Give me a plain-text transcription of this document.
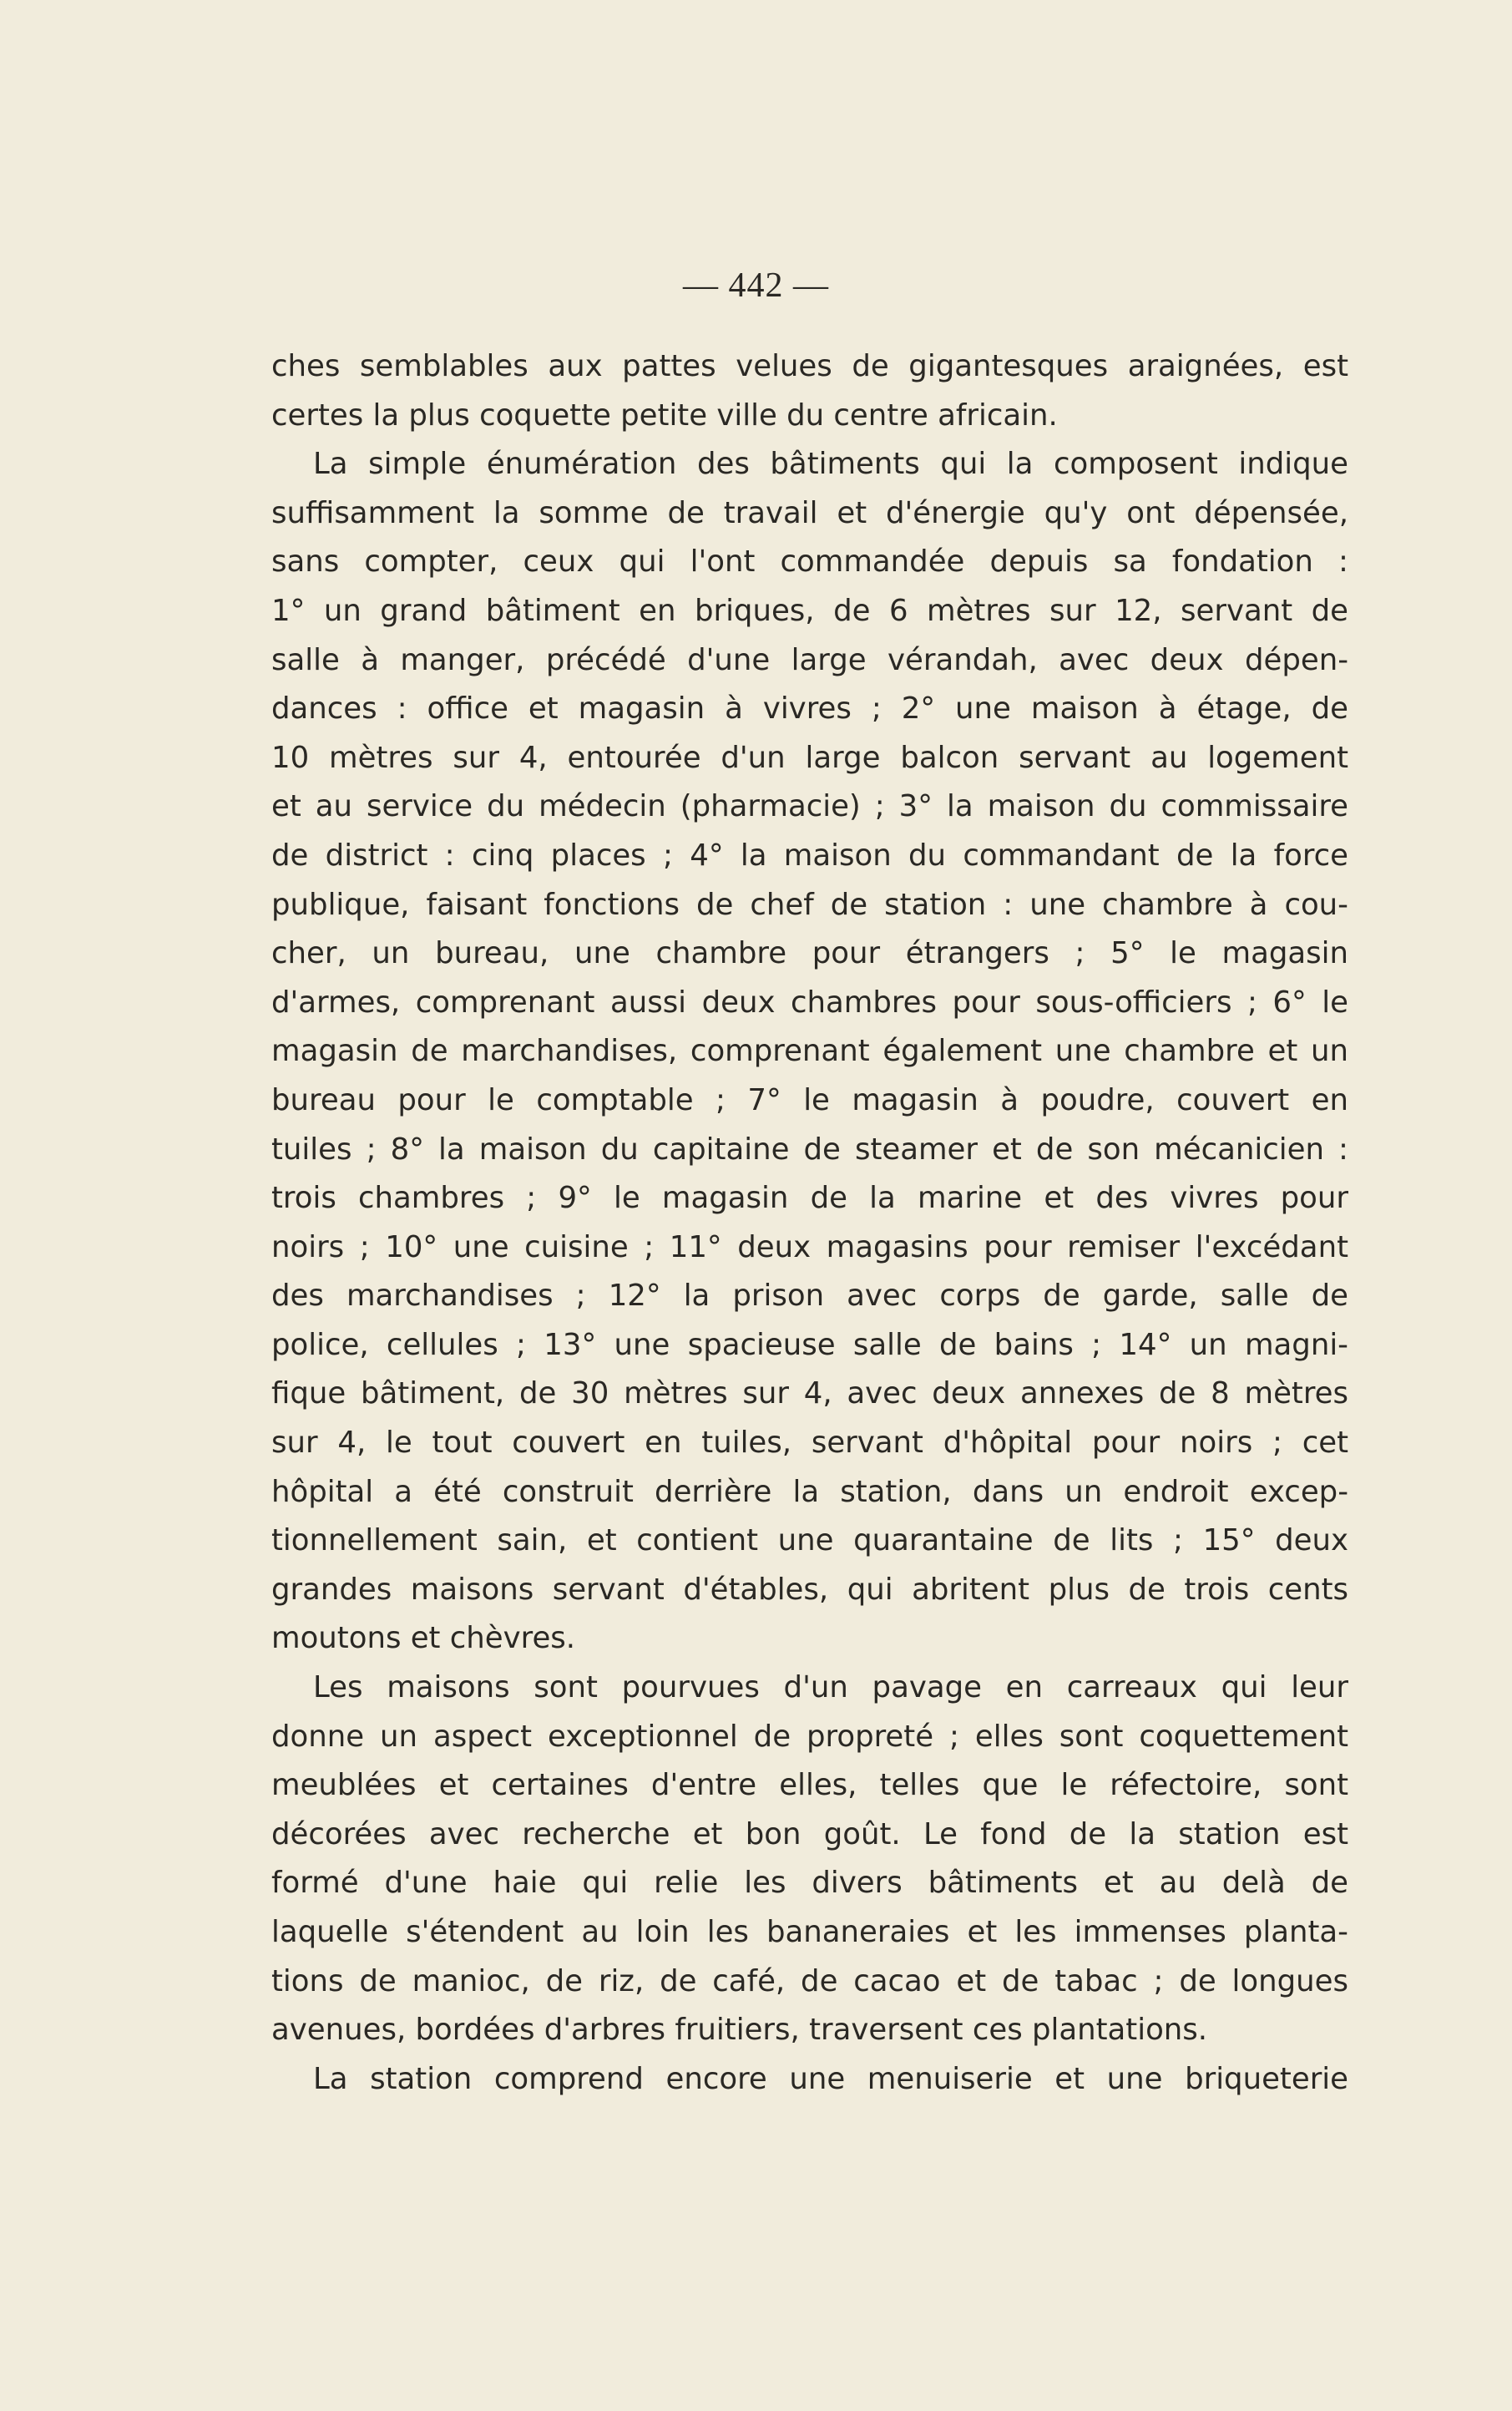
— 442 —
ches semblables aux pattes velues de gigantesques araignées, est
certes la plus coquette petite ville du centre africain.
La simple énumération des bâtiments qui la composent indique
suffisamment la somme de travail et d'énergie qu'y ont dépensée,
sans compter, ceux qui l'ont commandée depuis sa fondation :
1° un grand bâtiment en briques, de 6 mètres sur 12, servant de
salle à manger, précédé d'une large vérandah, avec deux dépen-
dances : office et magasin à vivres ; 2° une maison à étage, de
10 mètres sur 4, entourée d'un large balcon servant au logement
et au service du médecin (pharmacie) ; 3° la maison du commissaire
de district : cinq places ; 4° la maison du commandant de la force
publique, faisant fonctions de chef de station : une chambre à cou-
cher, un bureau, une chambre pour étrangers ; 5° le magasin
d'armes, comprenant aussi deux chambres pour sous-officiers ; 6° le
magasin de marchandises, comprenant également une chambre et un
bureau pour le comptable ; 7° le magasin à poudre, couvert en
tuiles ; 8° la maison du capitaine de steamer et de son mécanicien :
trois chambres ; 9° le magasin de la marine et des vivres pour
noirs ; 10° une cuisine ; 11° deux magasins pour remiser l'excédant
des marchandises ; 12° la prison avec corps de garde, salle de
police, cellules ; 13° une spacieuse salle de bains ; 14° un magni-
fique bâtiment, de 30 mètres sur 4, avec deux annexes de 8 mètres
sur 4, le tout couvert en tuiles, servant d'hôpital pour noirs ; cet
hôpital a été construit derrière la station, dans un endroit excep-
tionnellement sain, et contient une quarantaine de lits ; 15° deux
grandes maisons servant d'étables, qui abritent plus de trois cents
moutons et chèvres.
Les maisons sont pourvues d'un pavage en carreaux qui leur
donne un aspect exceptionnel de propreté ; elles sont coquettement
meublées et certaines d'entre elles, telles que le réfectoire, sont
décorées avec recherche et bon goût. Le fond de la station est
formé d'une haie qui relie les divers bâtiments et au delà de
laquelle s'étendent au loin les bananeraies et les immenses planta-
tions de manioc, de riz, de café, de cacao et de tabac ; de longues
avenues, bordées d'arbres fruitiers, traversent ces plantations.
La station comprend encore une menuiserie et une briqueterie
